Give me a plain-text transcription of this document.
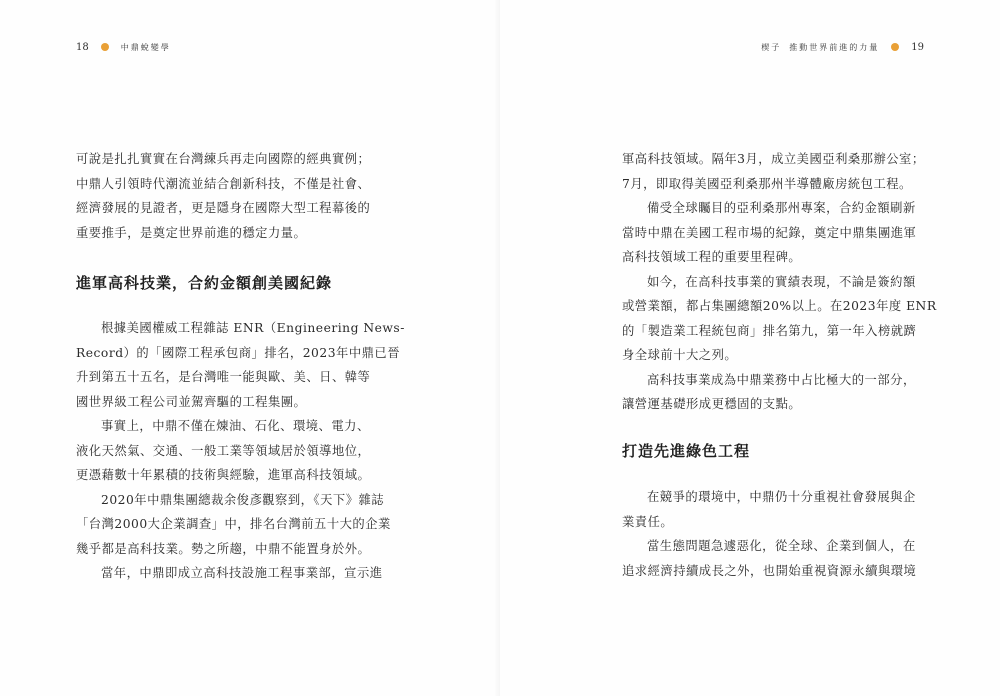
18	中鼎蛻變學

可說是扎扎實實在台灣練兵再走向國際的經典實例；
中鼎人引領時代潮流並結合創新科技，不僅是社會、
經濟發展的見證者，更是隱身在國際大型工程幕後的
重要推手，是奠定世界前進的穩定力量。

進軍高科技業，合約金額創美國紀錄

根據美國權威工程雜誌 ENR（Engineering News-
Record）的「國際工程承包商」排名，2023年中鼎已晉
升到第五十五名，是台灣唯一能與歐、美、日、韓等
國世界級工程公司並駕齊驅的工程集團。
事實上，中鼎不僅在煉油、石化、環境、電力、
液化天然氣、交通、一般工業等領域居於領導地位，
更憑藉數十年累積的技術與經驗，進軍高科技領域。
2020年中鼎集團總裁余俊彥觀察到，《天下》雜誌
「台灣2000大企業調查」中，排名台灣前五十大的企業
幾乎都是高科技業。勢之所趨，中鼎不能置身於外。
當年，中鼎即成立高科技設施工程事業部，宣示進

楔子 推動世界前進的力量	19

軍高科技領域。隔年3月，成立美國亞利桑那辦公室；
7月，即取得美國亞利桑那州半導體廠房統包工程。
備受全球矚目的亞利桑那州專案，合約金額刷新
當時中鼎在美國工程市場的紀錄，奠定中鼎集團進軍
高科技領域工程的重要里程碑。
如今，在高科技事業的實績表現，不論是簽約額
或營業額，都占集團總額20%以上。在2023年度 ENR
的「製造業工程統包商」排名第九，第一年入榜就躋
身全球前十大之列。
高科技事業成為中鼎業務中占比極大的一部分，
讓營運基礎形成更穩固的支點。

打造先進綠色工程

在競爭的環境中，中鼎仍十分重視社會發展與企
業責任。
當生態問題急遽惡化，從全球、企業到個人，在
追求經濟持續成長之外，也開始重視資源永續與環境
